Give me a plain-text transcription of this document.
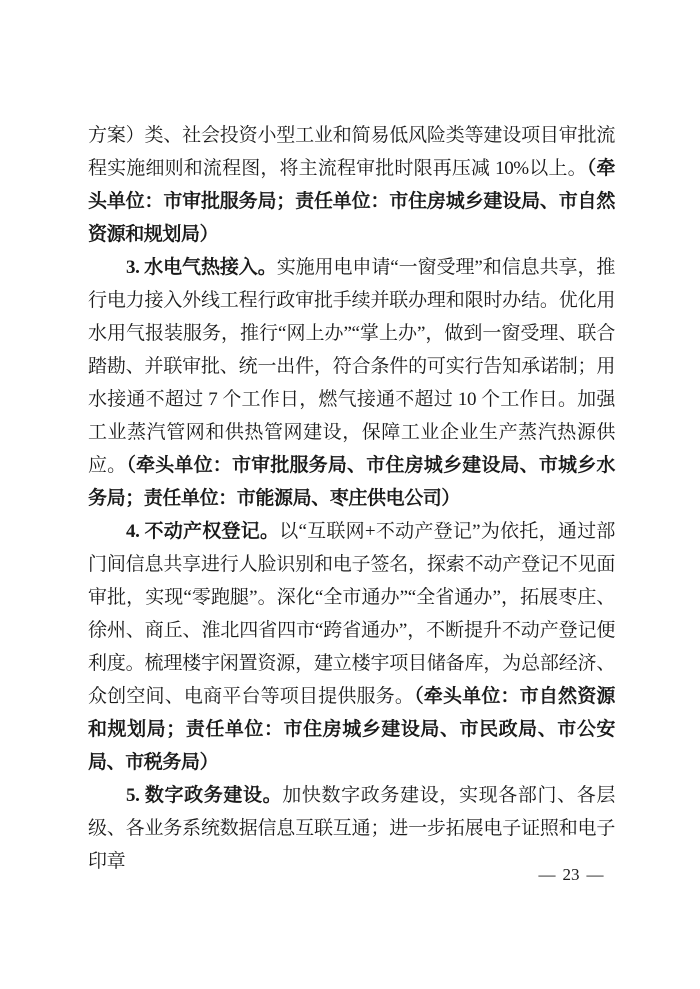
方案）类、社会投资小型工业和简易低风险类等建设项目审批流程实施细则和流程图，将主流程审批时限再压减 10%以上。（牵头单位：市审批服务局；责任单位：市住房城乡建设局、市自然资源和规划局）

3. 水电气热接入。实施用电申请“一窗受理”和信息共享，推行电力接入外线工程行政审批手续并联办理和限时办结。优化用水用气报装服务，推行“网上办”“掌上办”，做到一窗受理、联合踏勘、并联审批、统一出件，符合条件的可实行告知承诺制；用水接通不超过 7 个工作日，燃气接通不超过 10 个工作日。加强工业蒸汽管网和供热管网建设，保障工业企业生产蒸汽热源供应。（牵头单位：市审批服务局、市住房城乡建设局、市城乡水务局；责任单位：市能源局、枣庄供电公司）

4. 不动产权登记。以“互联网+不动产登记”为依托，通过部门间信息共享进行人脸识别和电子签名，探索不动产登记不见面审批，实现“零跑腿”。深化“全市通办”“全省通办”，拓展枣庄、徐州、商丘、淮北四省四市“跨省通办”，不断提升不动产登记便利度。梳理楼宇闲置资源，建立楼宇项目储备库，为总部经济、众创空间、电商平台等项目提供服务。（牵头单位：市自然资源和规划局；责任单位：市住房城乡建设局、市民政局、市公安局、市税务局）

5. 数字政务建设。加快数字政务建设，实现各部门、各层级、各业务系统数据信息互联互通；进一步拓展电子证照和电子印章

— 23 —
